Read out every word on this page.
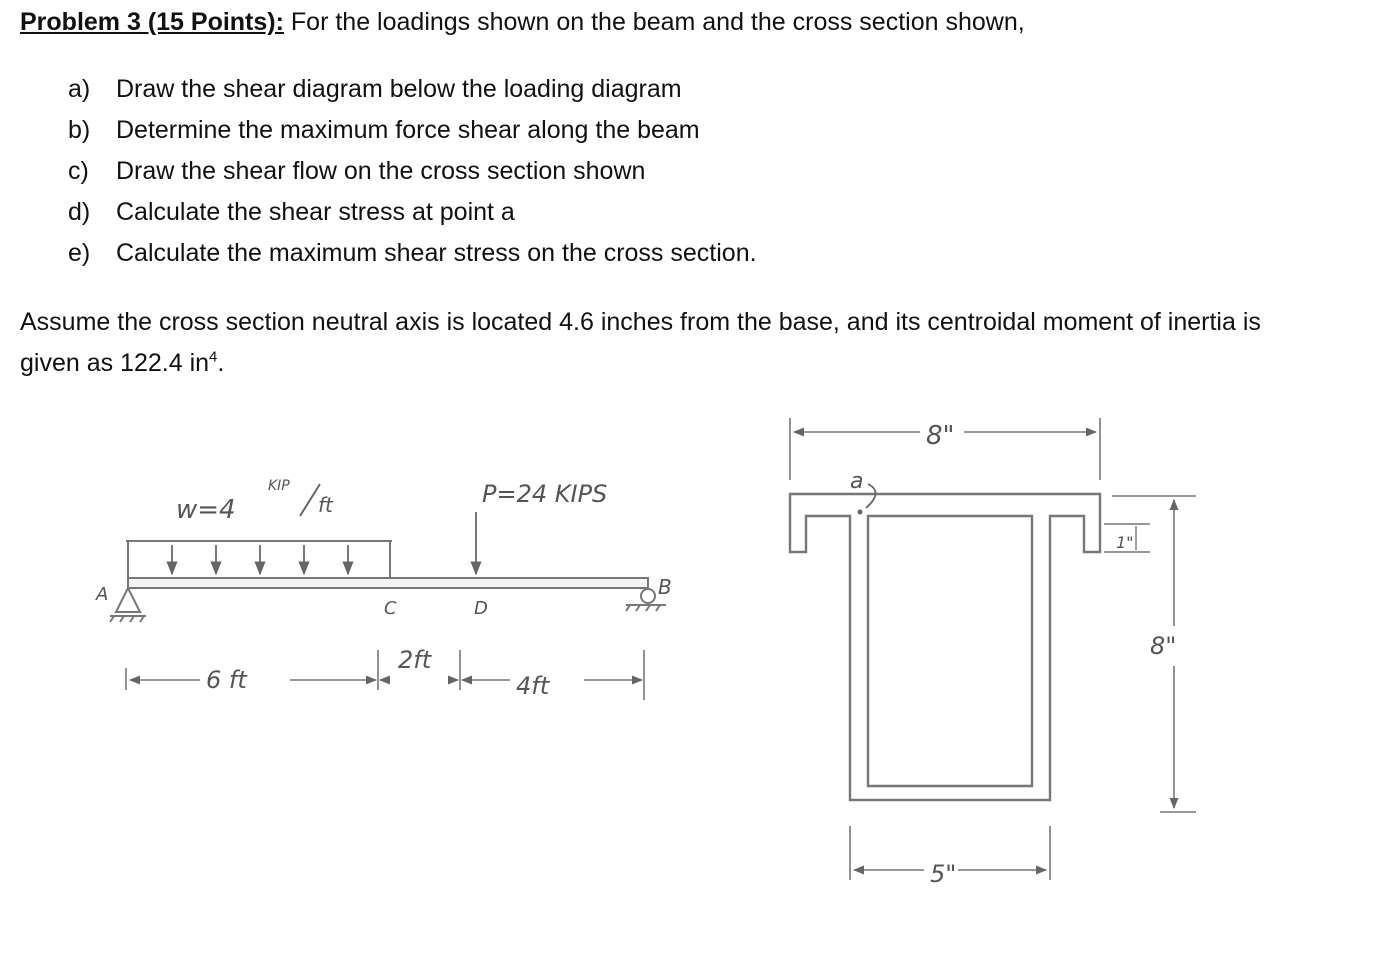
Problem 3 (15 Points): For the loadings shown on the beam and the cross section shown,
a) Draw the shear diagram below the loading diagram
b) Determine the maximum force shear along the beam
c) Draw the shear flow on the cross section shown
d) Calculate the shear stress at point a
e) Calculate the maximum shear stress on the cross section.
Assume the cross section neutral axis is located 4.6 inches from the base, and its centroidal moment of inertia is given as 122.4 $in^4$.
w=4
KIP
ft	P=24 KIPS
A	B
C	D
6 ft
2ft
4ft
a
8"
1"
8"
5"
